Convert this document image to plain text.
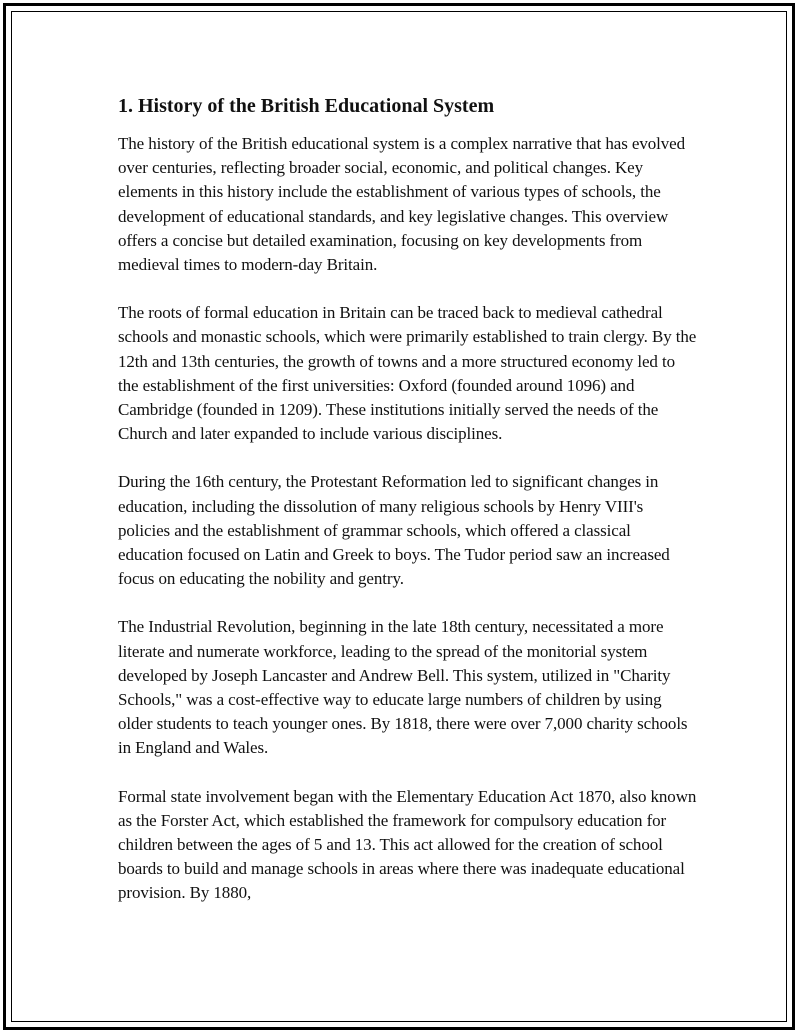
1. History of the British Educational System

The history of the British educational system is a complex narrative that has evolved over centuries, reflecting broader social, economic, and political changes. Key elements in this history include the establishment of various types of schools, the development of educational standards, and key legislative changes. This overview offers a concise but detailed examination, focusing on key developments from medieval times to modern-day Britain.

The roots of formal education in Britain can be traced back to medieval cathedral schools and monastic schools, which were primarily established to train clergy. By the 12th and 13th centuries, the growth of towns and a more structured economy led to the establishment of the first universities: Oxford (founded around 1096) and Cambridge (founded in 1209). These institutions initially served the needs of the Church and later expanded to include various disciplines.

During the 16th century, the Protestant Reformation led to significant changes in education, including the dissolution of many religious schools by Henry VIII's policies and the establishment of grammar schools, which offered a classical education focused on Latin and Greek to boys. The Tudor period saw an increased focus on educating the nobility and gentry.

The Industrial Revolution, beginning in the late 18th century, necessitated a more literate and numerate workforce, leading to the spread of the monitorial system developed by Joseph Lancaster and Andrew Bell. This system, utilized in "Charity Schools," was a cost-effective way to educate large numbers of children by using older students to teach younger ones. By 1818, there were over 7,000 charity schools in England and Wales.

Formal state involvement began with the Elementary Education Act 1870, also known as the Forster Act, which established the framework for compulsory education for children between the ages of 5 and 13. This act allowed for the creation of school boards to build and manage schools in areas where there was inadequate educational provision. By 1880,
